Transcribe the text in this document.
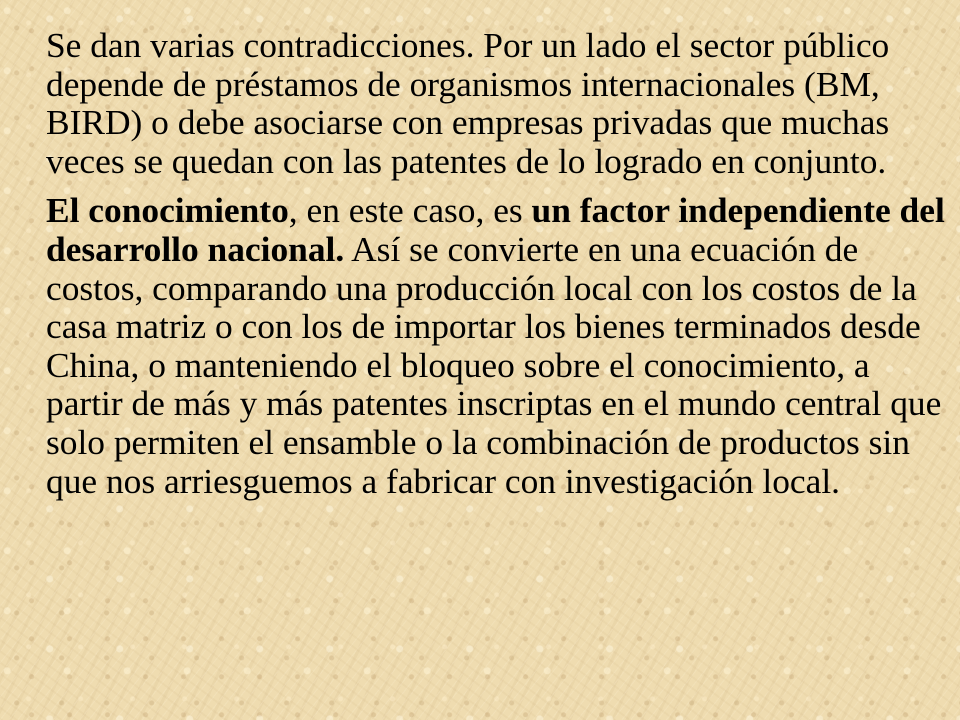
Se dan varias contradicciones. Por un lado el sector público depende de préstamos de organismos internacionales (BM, BIRD) o debe asociarse con empresas privadas que muchas veces se quedan con las patentes de lo logrado en conjunto.

El conocimiento, en este caso, es un factor independiente del desarrollo nacional. Así se convierte en una ecuación de costos, comparando una producción local con los costos de la casa matriz o con los de importar los bienes terminados desde China, o manteniendo el bloqueo sobre el conocimiento, a partir de más y más patentes inscriptas en el mundo central que solo permiten el ensamble o la combinación de productos sin que nos arriesguemos a fabricar con investigación local.
